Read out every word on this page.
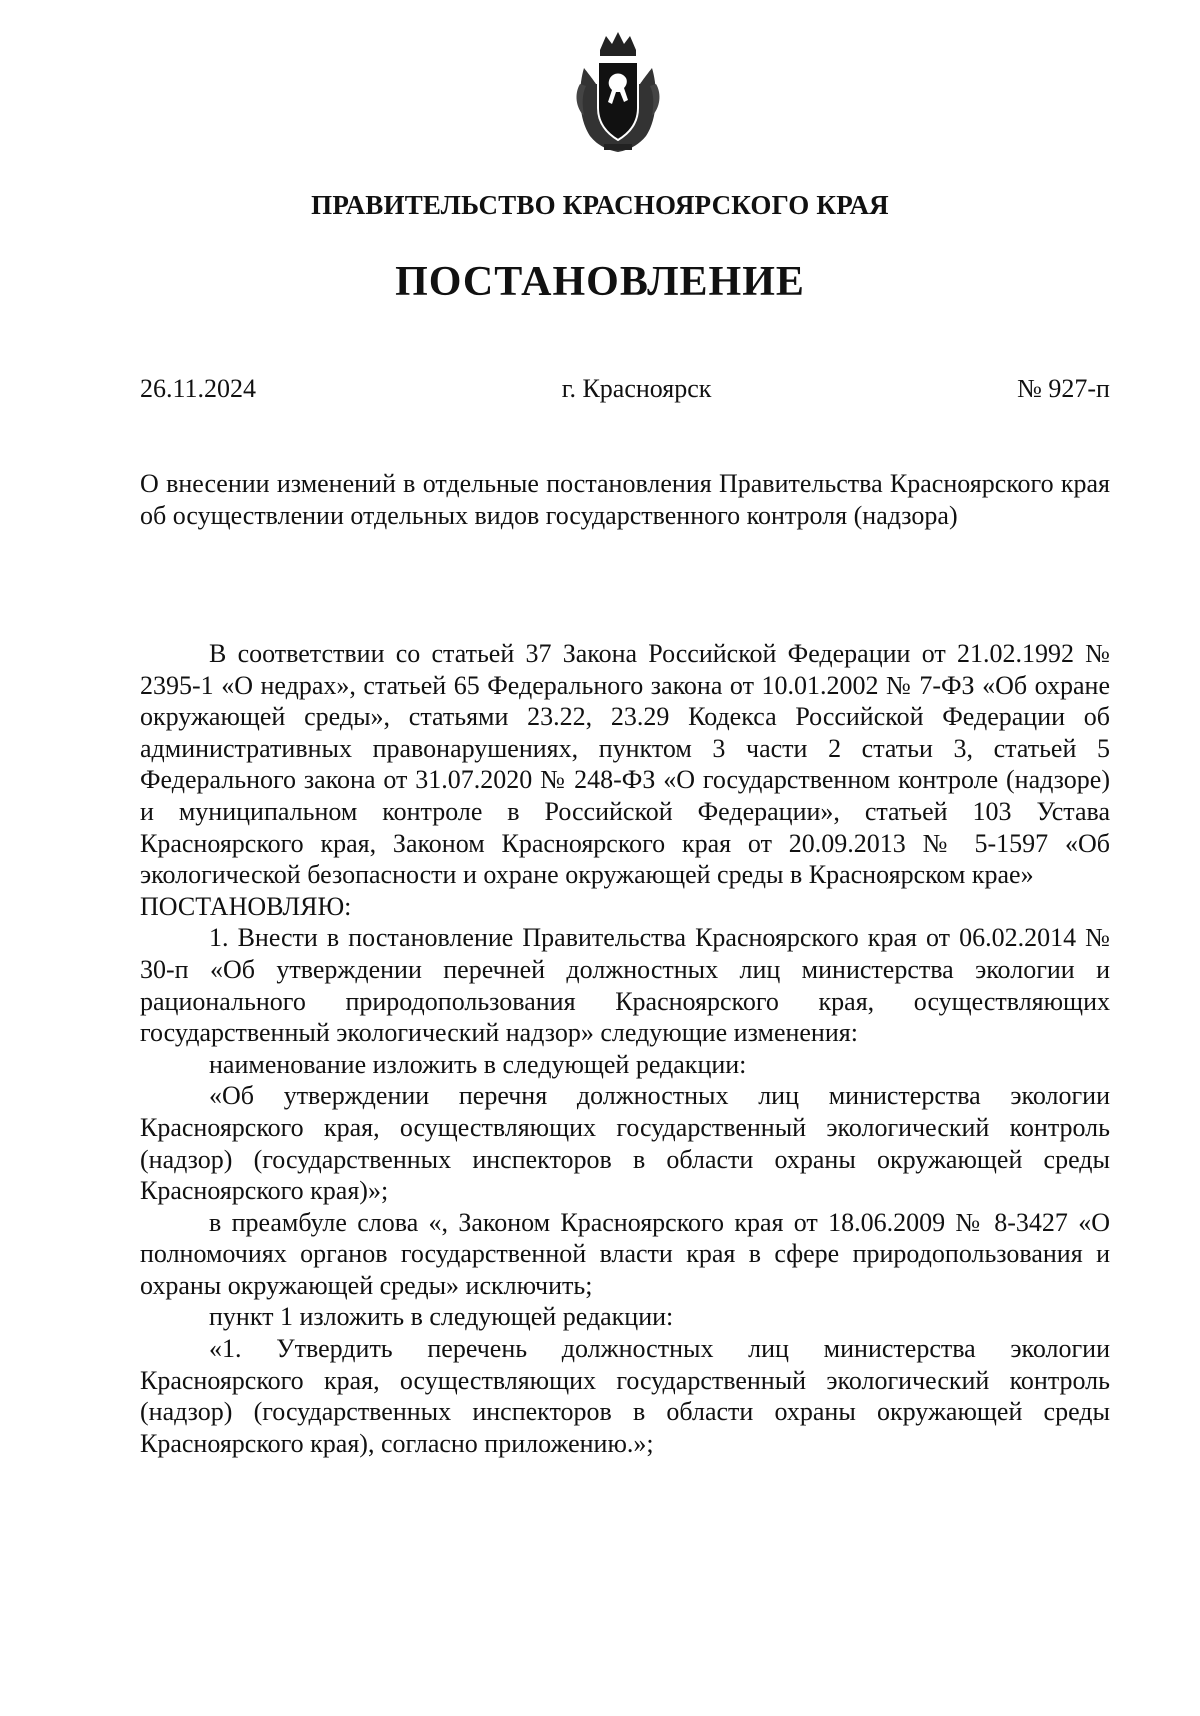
ПРАВИТЕЛЬСТВО КРАСНОЯРСКОГО КРАЯ
ПОСТАНОВЛЕНИЕ
26.11.2024	г. Красноярск	№ 927-п
О внесении изменений в отдельные постановления Правительства Красноярского края об осуществлении отдельных видов государственного контроля (надзора)

В соответствии со статьей 37 Закона Российской Федерации от 21.02.1992 № 2395-1 «О недрах», статьей 65 Федерального закона от 10.01.2002 № 7-ФЗ «Об охране окружающей среды», статьями 23.22, 23.29 Кодекса Российской Федерации об административных правонарушениях, пунктом 3 части 2 статьи 3, статьей 5 Федерального закона от 31.07.2020 № 248-ФЗ «О государственном контроле (надзоре) и муниципальном контроле в Российской Федерации», статьей 103 Устава Красноярского края, Законом Красноярского края от 20.09.2013 № 5-1597 «Об экологической безопасности и охране окружающей среды в Красноярском крае»

ПОСТАНОВЛЯЮ:

1. Внести в постановление Правительства Красноярского края от 06.02.2014 № 30-п «Об утверждении перечней должностных лиц министерства экологии и рационального природопользования Красноярского края, осуществляющих государственный экологический надзор» следующие изменения:

наименование изложить в следующей редакции:

«Об утверждении перечня должностных лиц министерства экологии Красноярского края, осуществляющих государственный экологический контроль (надзор) (государственных инспекторов в области охраны окружающей среды Красноярского края)»;

в преамбуле слова «, Законом Красноярского края от 18.06.2009 № 8-3427 «О полномочиях органов государственной власти края в сфере природопользования и охраны окружающей среды» исключить;

пункт 1 изложить в следующей редакции:

«1. Утвердить перечень должностных лиц министерства экологии Красноярского края, осуществляющих государственный экологический контроль (надзор) (государственных инспекторов в области охраны окружающей среды Красноярского края), согласно приложению.»;
